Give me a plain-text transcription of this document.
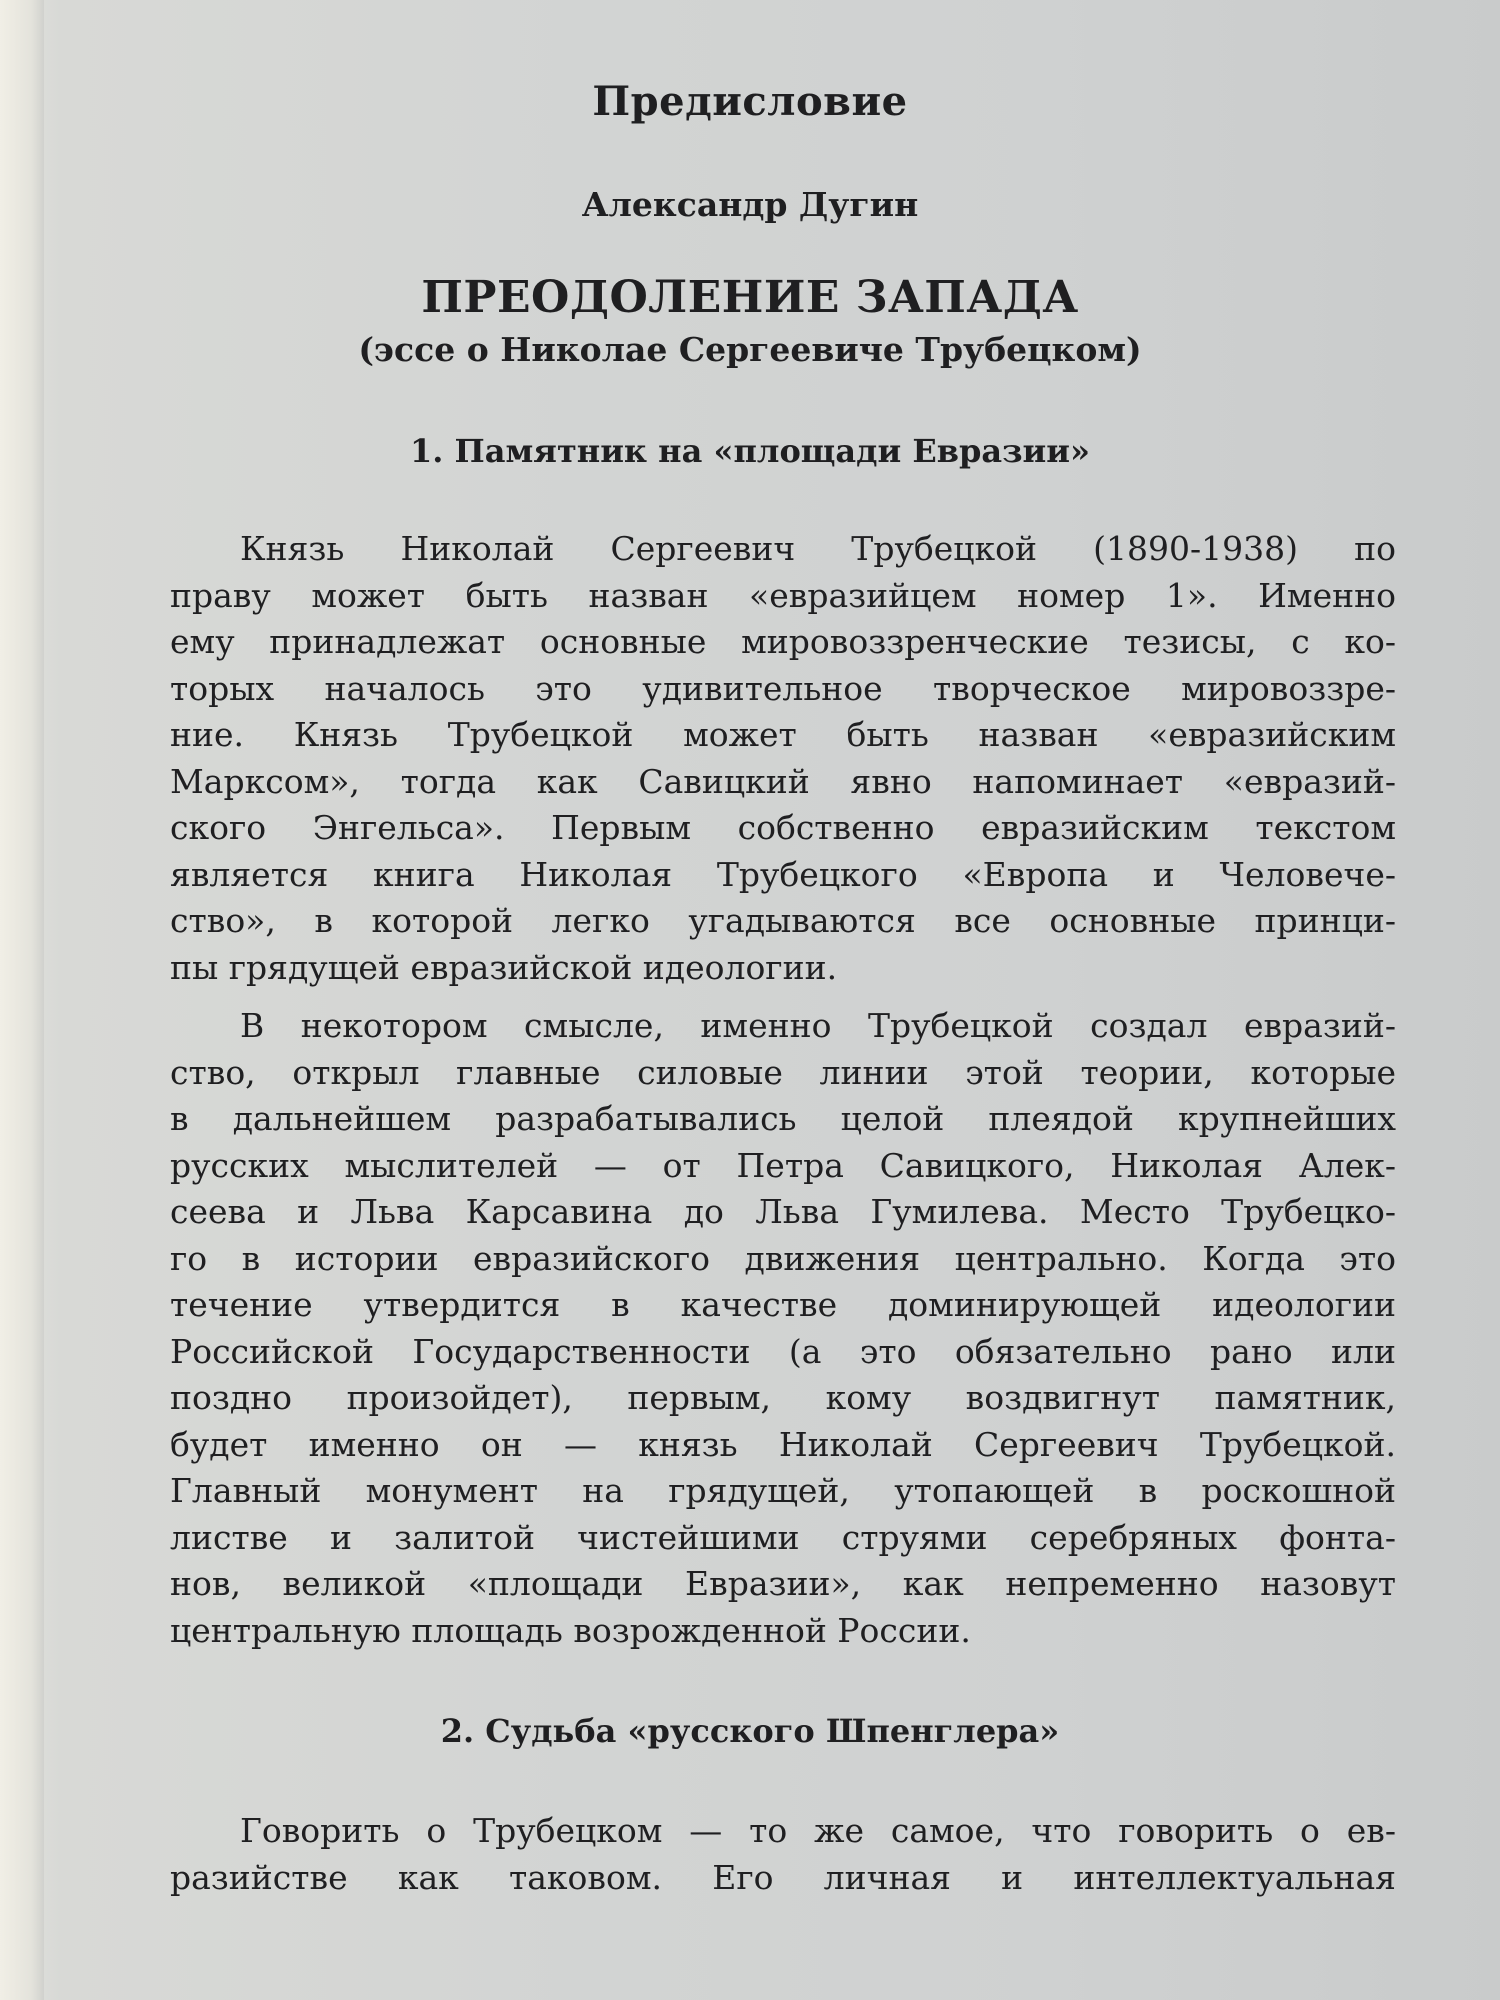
Предисловие
Александр Дугин
ПРЕОДОЛЕНИЕ ЗАПАДА
(эссе о Николае Сергеевиче Трубецком)
1. Памятник на «площади Евразии»
Князь Николай Сергеевич Трубецкой (1890-1938) по
праву может быть назван «евразийцем номер 1». Именно
ему принадлежат основные мировоззренческие тезисы, с ко-
торых началось это удивительное творческое мировоззре-
ние. Князь Трубецкой может быть назван «евразийским
Марксом», тогда как Савицкий явно напоминает «евразий-
ского Энгельса». Первым собственно евразийским текстом
является книга Николая Трубецкого «Европа и Человече-
ство», в которой легко угадываются все основные принци-
пы грядущей евразийской идеологии.
В некотором смысле, именно Трубецкой создал евразий-
ство, открыл главные силовые линии этой теории, которые
в дальнейшем разрабатывались целой плеядой крупнейших
русских мыслителей — от Петра Савицкого, Николая Алек-
сеева и Льва Карсавина до Льва Гумилева. Место Трубецко-
го в истории евразийского движения центрально. Когда это
течение утвердится в качестве доминирующей идеологии
Российской Государственности (а это обязательно рано или
поздно произойдет), первым, кому воздвигнут памятник,
будет именно он — князь Николай Сергеевич Трубецкой.
Главный монумент на грядущей, утопающей в роскошной
листве и залитой чистейшими струями серебряных фонта-
нов, великой «площади Евразии», как непременно назовут
центральную площадь возрожденной России.
2. Судьба «русского Шпенглера»
Говорить о Трубецком — то же самое, что говорить о ев-
разийстве как таковом. Его личная и интеллектуальная
